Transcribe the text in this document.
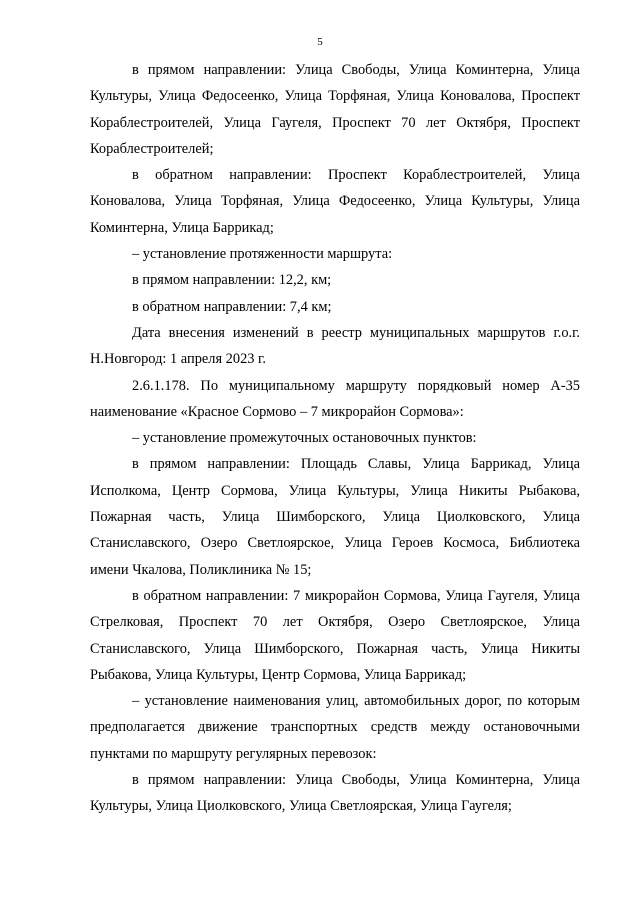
5

в прямом направлении: Улица Свободы, Улица Коминтерна, Улица Культуры, Улица Федосеенко, Улица Торфяная, Улица Коновалова, Проспект Кораблестроителей, Улица Гаугеля, Проспект 70 лет Октября, Проспект Кораблестроителей;

в обратном направлении: Проспект Кораблестроителей, Улица Коновалова, Улица Торфяная, Улица Федосеенко, Улица Культуры, Улица Коминтерна, Улица Баррикад;

– установление протяженности маршрута:

в прямом направлении: 12,2, км;

в обратном направлении: 7,4 км;

Дата внесения изменений в реестр муниципальных маршрутов г.о.г. Н.Новгород: 1 апреля 2023 г.

2.6.1.178. По муниципальному маршруту порядковый номер А-35 наименование «Красное Сормово – 7 микрорайон Сормова»:

– установление промежуточных остановочных пунктов:

в прямом направлении: Площадь Славы, Улица Баррикад, Улица Исполкома, Центр Сормова, Улица Культуры, Улица Никиты Рыбакова, Пожарная часть, Улица Шимборского, Улица Циолковского, Улица Станиславского, Озеро Светлоярское, Улица Героев Космоса, Библиотека имени Чкалова, Поликлиника № 15;

в обратном направлении: 7 микрорайон Сормова, Улица Гаугеля, Улица Стрелковая, Проспект 70 лет Октября, Озеро Светлоярское, Улица Станиславского, Улица Шимборского, Пожарная часть, Улица Никиты Рыбакова, Улица Культуры, Центр Сормова, Улица Баррикад;

– установление наименования улиц, автомобильных дорог, по которым предполагается движение транспортных средств между остановочными пунктами по маршруту регулярных перевозок:

в прямом направлении: Улица Свободы, Улица Коминтерна, Улица Культуры, Улица Циолковского, Улица Светлоярская, Улица Гаугеля;
